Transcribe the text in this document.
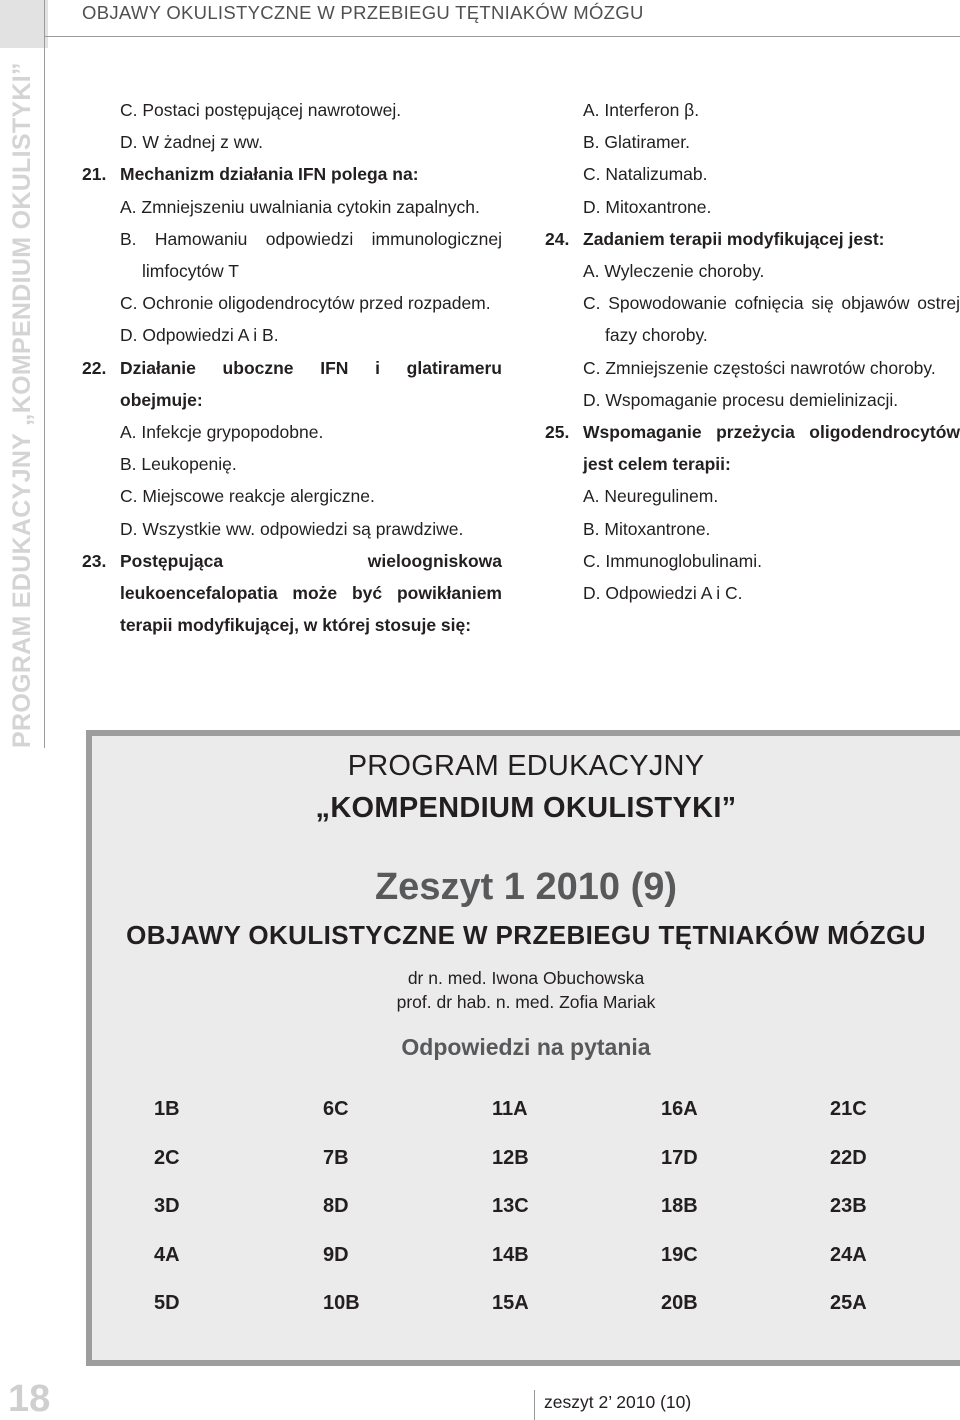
OBJAWY OKULISTYCZNE W PRZEBIEGU TĘTNIAKÓW MÓZGU
PROGRAM EDUKACYJNY „KOMPENDIUM OKULISTYKI”	C. Postaci postępującej nawrotowej.
D. W żadnej z ww.
21. Mechanizm działania IFN polega na:
A. Zmniejszeniu uwalniania cytokin zapalnych.
B. Hamowaniu odpowiedzi immunologicznej limfocytów T
C. Ochronie oligodendrocytów przed rozpadem.
D. Odpowiedzi A i B.
22. Działanie uboczne IFN i glatirameru obejmuje:
A. Infekcje grypopodobne.
B. Leukopenię.
C. Miejscowe reakcje alergiczne.
D. Wszystkie ww. odpowiedzi są prawdziwe.
23. Postępująca wieloogniskowa leukoencefalopatia może być powikłaniem terapii modyfikującej, w której stosuje się:
A. Interferon β.
B. Glatiramer.
C. Natalizumab.
D. Mitoxantrone.
24. Zadaniem terapii modyfikującej jest:
A. Wyleczenie choroby.
C. Spowodowanie cofnięcia się objawów ostrej fazy choroby.
C. Zmniejszenie częstości nawrotów choroby.
D. Wspomaganie procesu demielinizacji.
25. Wspomaganie przeżycia oligodendrocytów jest celem terapii:
A. Neuregulinem.
B. Mitoxantrone.
C. Immunoglobulinami.
D. Odpowiedzi A i C.
PROGRAM EDUKACYJNY
„KOMPENDIUM OKULISTYKI”
Zeszyt 1 2010 (9)
OBJAWY OKULISTYCZNE W PRZEBIEGU TĘTNIAKÓW MÓZGU
dr n. med. Iwona Obuchowska
prof. dr hab. n. med. Zofia Mariak
Odpowiedzi na pytania
1B	6C	11A	16A	21C
2C	7B	12B	17D	22D
3D	8D	13C	18B	23B
4A	9D	14B	19C	24A
5D	10B	15A	20B	25A
18	zeszyt 2’ 2010 (10)
